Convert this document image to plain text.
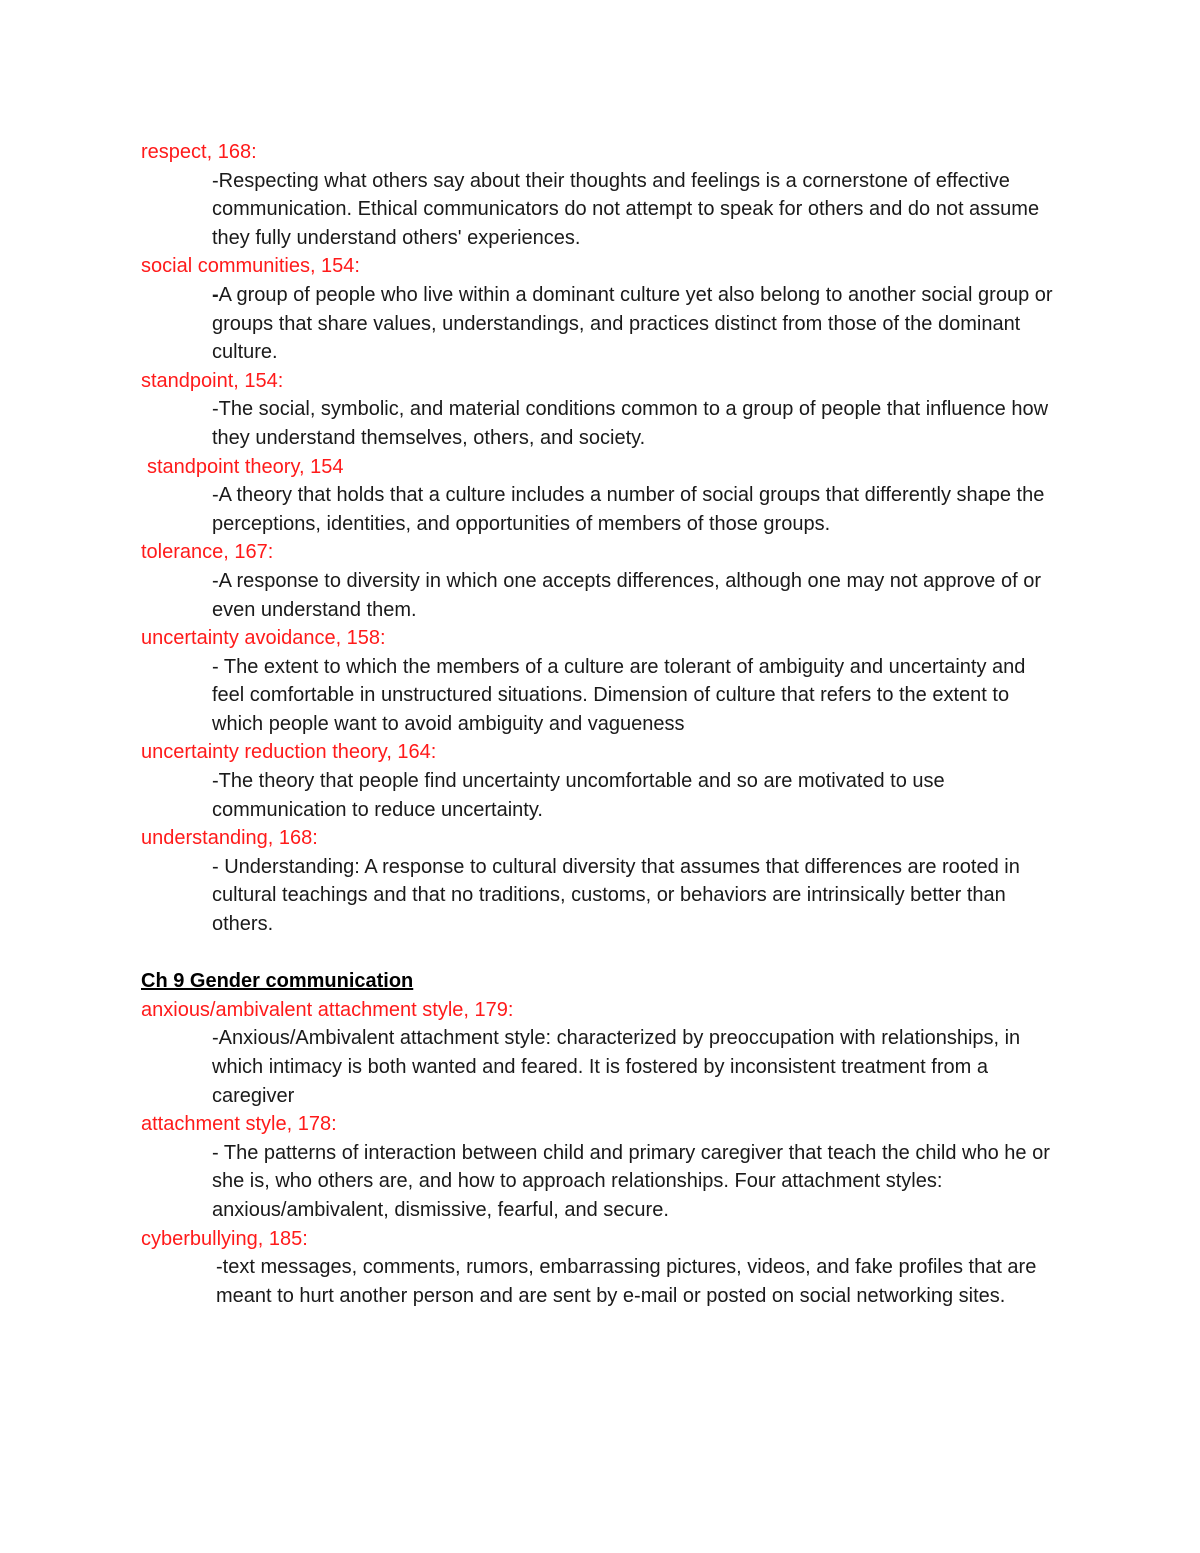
respect, 168:

-Respecting what others say about their thoughts and feelings is a cornerstone of effective communication. Ethical communicators do not attempt to speak for others and do not assume they fully understand others' experiences.

social communities, 154:

-A group of people who live within a dominant culture yet also belong to another social group or groups that share values, understandings, and practices distinct from those of the dominant culture.

standpoint, 154:

-The social, symbolic, and material conditions common to a group of people that influence how they understand themselves, others, and society.

standpoint theory, 154

-A theory that holds that a culture includes a number of social groups that differently shape the perceptions, identities, and opportunities of members of those groups.

tolerance, 167:

-A response to diversity in which one accepts differences, although one may not approve of or even understand them.

uncertainty avoidance, 158:

- The extent to which the members of a culture are tolerant of ambiguity and uncertainty and feel comfortable in unstructured situations. Dimension of culture that refers to the extent to which people want to avoid ambiguity and vagueness

uncertainty reduction theory, 164:

-The theory that people find uncertainty uncomfortable and so are motivated to use communication to reduce uncertainty.

understanding, 168:

- Understanding: A response to cultural diversity that assumes that differences are rooted in cultural teachings and that no traditions, customs, or behaviors are intrinsically better than others.

Ch 9 Gender communication

anxious/ambivalent attachment style, 179:

-Anxious/Ambivalent attachment style: characterized by preoccupation with relationships, in which intimacy is both wanted and feared. It is fostered by inconsistent treatment from a caregiver

attachment style, 178:

- The patterns of interaction between child and primary caregiver that teach the child who he or she is, who others are, and how to approach relationships. Four attachment styles: anxious/ambivalent, dismissive, fearful, and secure.

cyberbullying, 185:

-text messages, comments, rumors, embarrassing pictures, videos, and fake profiles that are meant to hurt another person and are sent by e-mail or posted on social networking sites.
